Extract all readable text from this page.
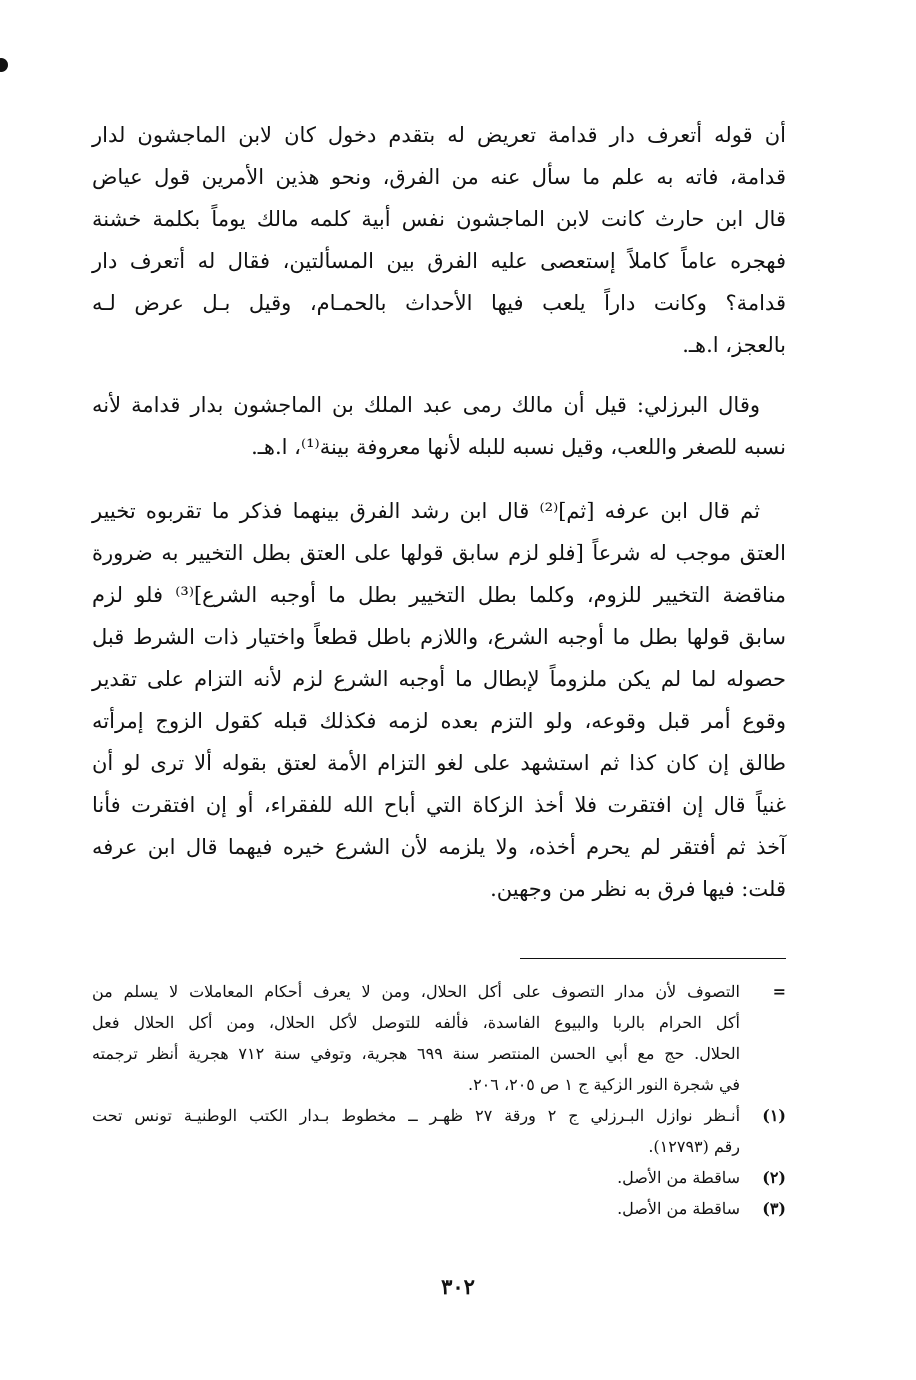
أن قوله أتعرف دار قدامة تعريض له بتقدم دخول كان لابن الماجشون لدار
قدامة، فاته به علم ما سأل عنه من الفرق، ونحو هذين الأمرين قول عياض
قال ابن حارث كانت لابن الماجشون نفس أبية كلمه مالك يوماً بكلمة خشنة
فهجره عاماً كاملاً إستعصى عليه الفرق بين المسألتين، فقال له أتعرف دار
قدامة؟ وكانت داراً يلعب فيها الأحداث بالحمـام، وقيل بـل عرض لـه
بالعجز، ا.هـ.

وقال البرزلي: قيل أن مالك رمى عبد الملك بن الماجشون بدار قدامة لأنه
نسبه للصغر واللعب، وقيل نسبه للبله لأنها معروفة بينة⁽¹⁾، ا.هـ.

ثم قال ابن عرفه [ثم]⁽²⁾ قال ابن رشد الفرق بينهما فذكر ما تقربوه تخيير
العتق موجب له شرعاً [فلو لزم سابق قولها على العتق بطل التخيير به ضرورة
مناقضة التخيير للزوم، وكلما بطل التخيير بطل ما أوجبه الشرع]⁽³⁾ فلو لزم
سابق قولها بطل ما أوجبه الشرع، واللازم باطل قطعاً واختيار ذات الشرط قبل
حصوله لما لم يكن ملزوماً لإبطال ما أوجبه الشرع لزم لأنه التزام على تقدير
وقوع أمر قبل وقوعه، ولو التزم بعده لزمه فكذلك قبله كقول الزوج إمرأته
طالق إن كان كذا ثم استشهد على لغو التزام الأمة لعتق بقوله ألا ترى لو أن
غنياً قال إن افتقرت فلا أخذ الزكاة التي أباح الله للفقراء، أو إن افتقرت فأنا
آخذ ثم أفتقر لم يحرم أخذه، ولا يلزمه لأن الشرع خيره فيهما قال ابن عرفه
قلت: فيها فرق به نظر من وجهين.

=
التصوف لأن مدار التصوف على أكل الحلال، ومن لا يعرف أحكام المعاملات لا يسلم من
أكل الحرام بالربا والبيوع الفاسدة، فألفه للتوصل لأكل الحلال، ومن أكل الحلال فعل
الحلال. حج مع أبي الحسن المنتصر سنة ٦٩٩ هجرية، وتوفي سنة ٧١٢ هجرية أنظر ترجمته
في شجرة النور الزكية ج ١ ص ٢٠٥، ٢٠٦.
(١)
أنـظر نوازل البـرزلي ج ٢ ورقة ٢٧ ظهـر ــ مخطوط بـدار الكتب الوطنيـة تونس تحت
رقم (١٢٧٩٣).
(٢)
ساقطة من الأصل.
(٣)
ساقطة من الأصل.
٣٠٢
